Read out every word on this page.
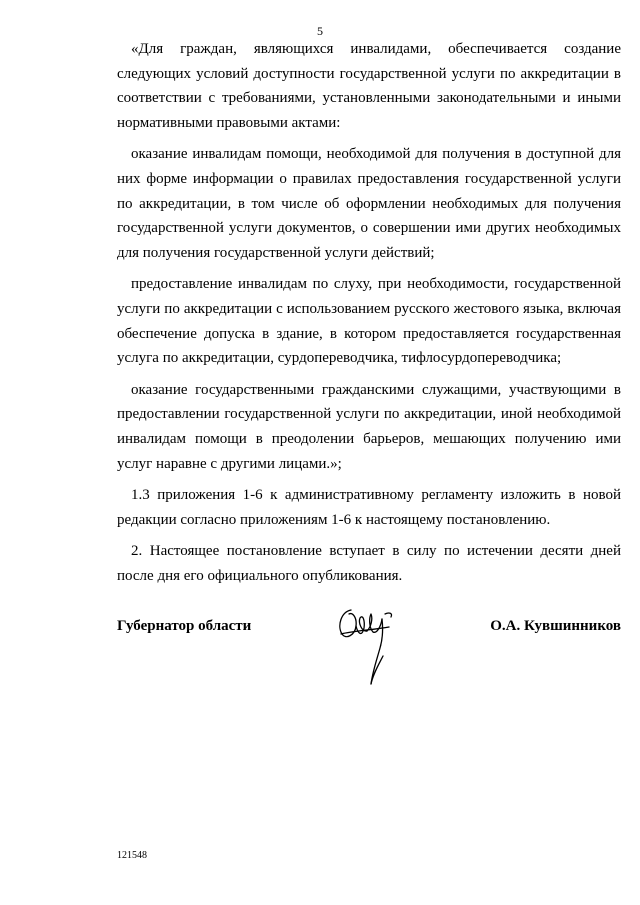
5

«Для граждан, являющихся инвалидами, обеспечивается создание следующих условий доступности государственной услуги по аккредитации в соответствии с требованиями, установленными законодательными и иными нормативными правовыми актами:

оказание инвалидам помощи, необходимой для получения в доступной для них форме информации о правилах предоставления государственной услуги по аккредитации, в том числе об оформлении необходимых для получения государственной услуги документов, о совершении ими других необходимых для получения государственной услуги действий;

предоставление инвалидам по слуху, при необходимости, государственной услуги по аккредитации с использованием русского жестового языка, включая обеспечение допуска в здание, в котором предоставляется государственная услуга по аккредитации, сурдопереводчика, тифлосурдопереводчика;

оказание государственными гражданскими служащими, участвующими в предоставлении государственной услуги по аккредитации, иной необходимой инвалидам помощи в преодолении барьеров, мешающих получению ими услуг наравне с другими лицами.»;

1.3 приложения 1-6 к административному регламенту изложить в новой редакции согласно приложениям 1-6 к настоящему постановлению.

2. Настоящее постановление вступает в силу по истечении десяти дней после дня его официального опубликования.

Губернатор области	О.А. Кувшинников
121548
